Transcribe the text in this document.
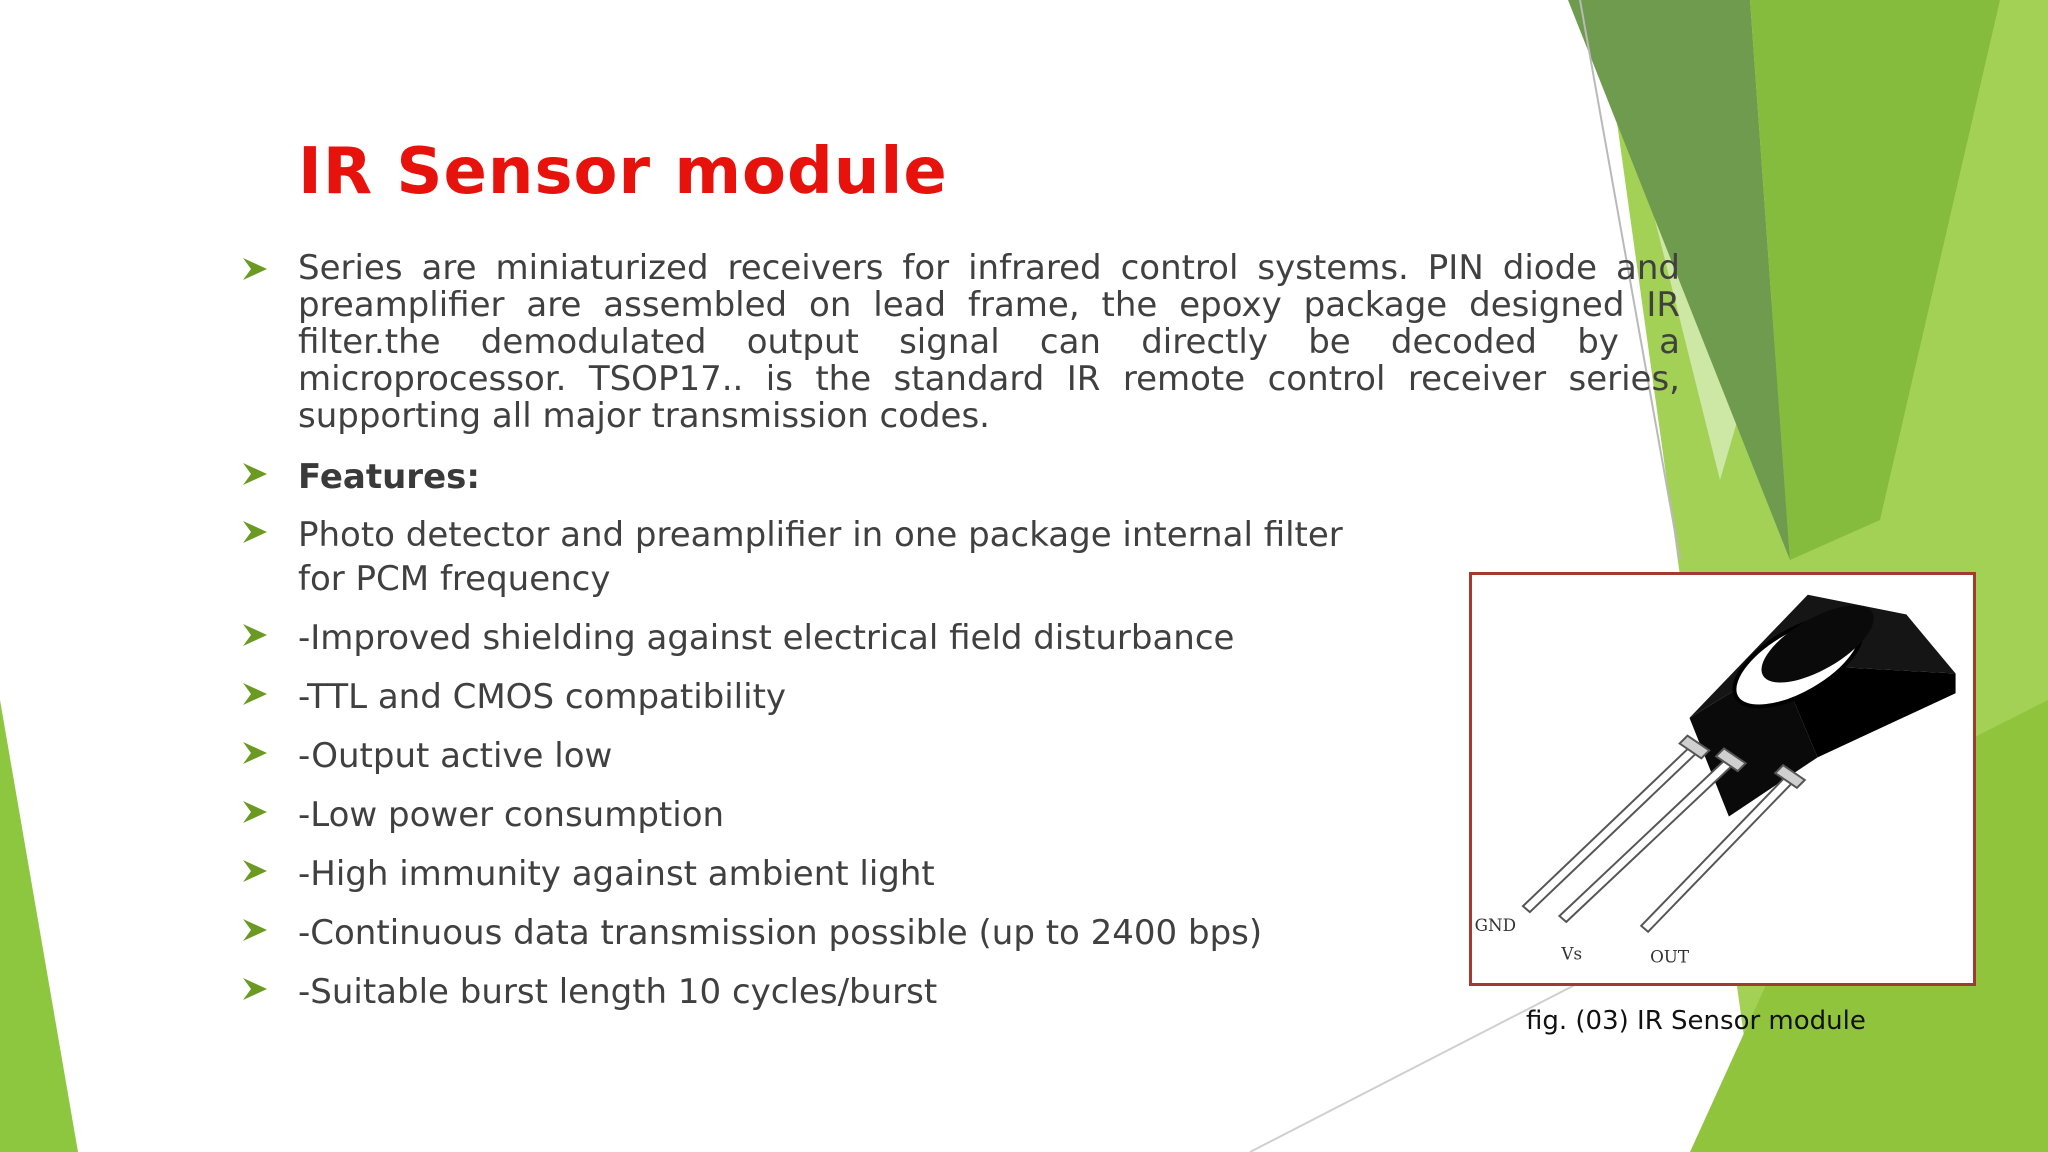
IR Sensor module
Series are miniaturized receivers for infrared control systems. PIN diode and preamplifier are assembled on lead frame, the epoxy package designed IR filter.the demodulated output signal can directly be decoded by a microprocessor. TSOP17.. is the standard IR remote control receiver series, supporting all major transmission codes.
Features:
Photo detector and preamplifier in one package internal filter for PCM frequency
-Improved shielding against electrical field disturbance
-TTL and CMOS compatibility
-Output active low
-Low power consumption
-High immunity against ambient light
-Continuous data transmission possible (up to 2400 bps)
-Suitable burst length 10 cycles/burst
GND
Vs	OUT
fig. (03) IR Sensor module
